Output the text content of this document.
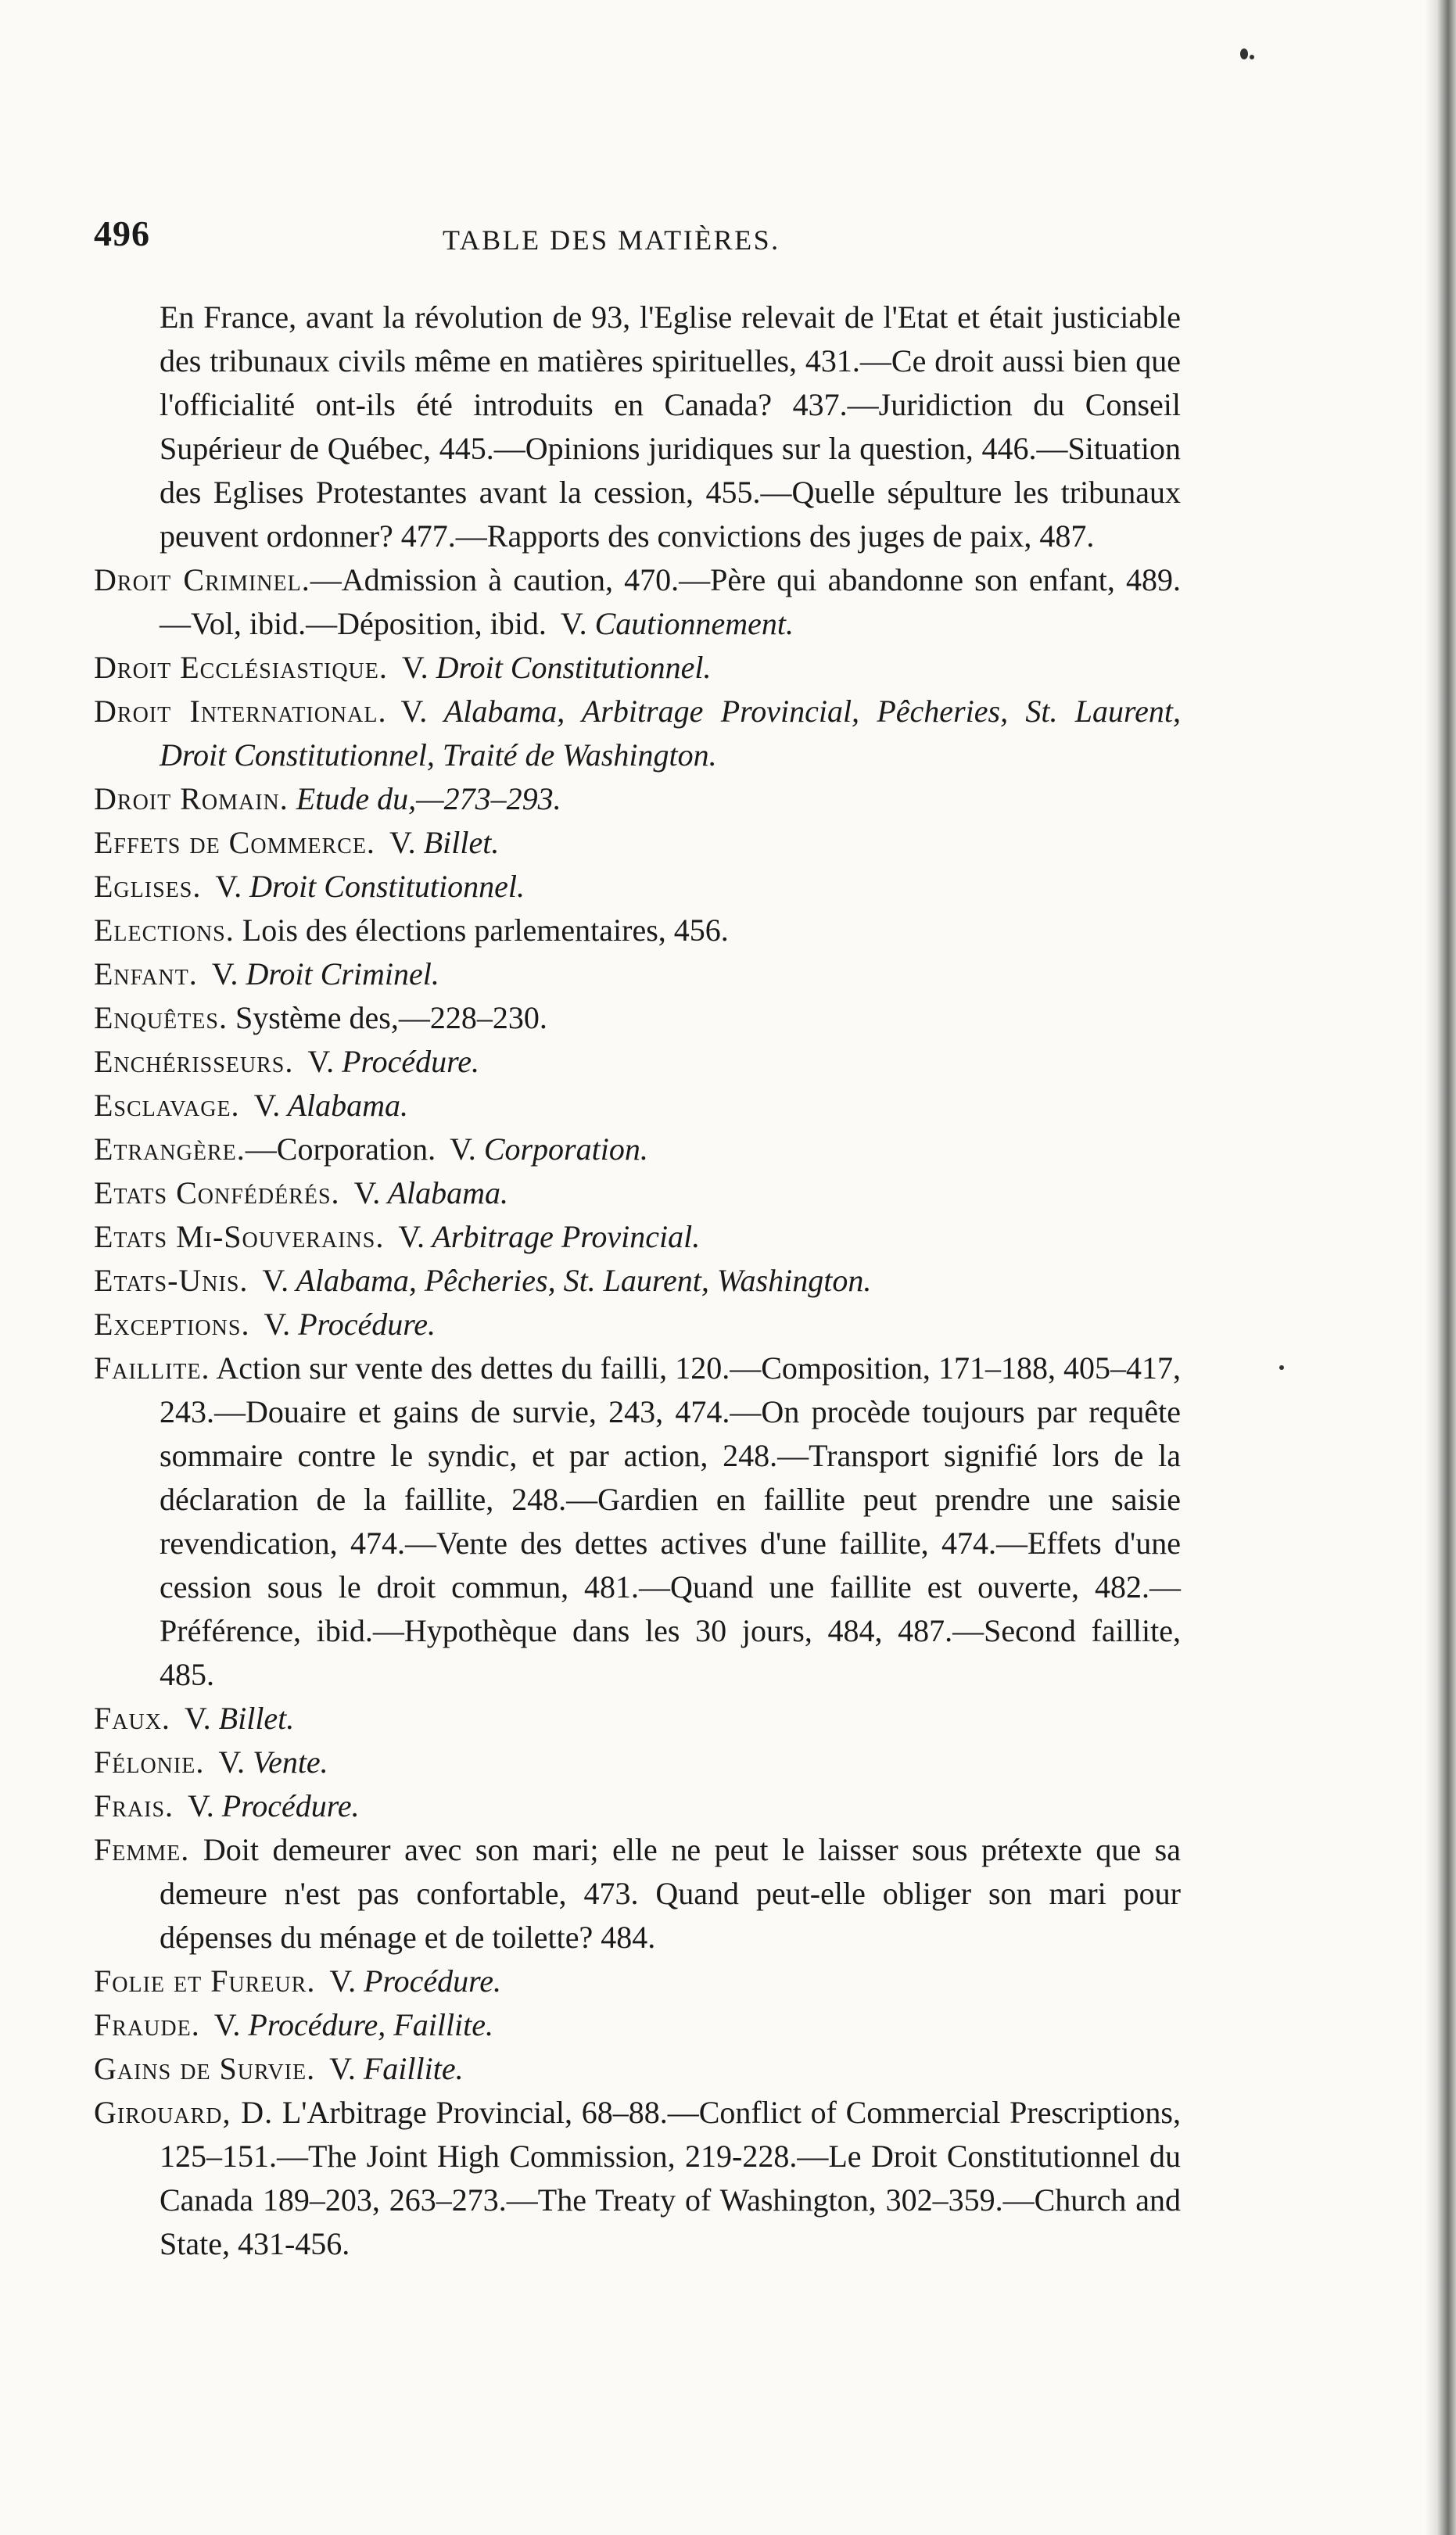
496	TABLE DES MATIÈRES.

En France, avant la révolution de 93, l'Eglise relevait de l'Etat et était justiciable des tribunaux civils même en matières spirituelles, 431.—Ce droit aussi bien que l'officialité ont-ils été introduits en Canada? 437.—Juridiction du Conseil Supérieur de Québec, 445.—Opinions juridiques sur la question, 446.—Situation des Eglises Protestantes avant la cession, 455.—Quelle sépulture les tribunaux peuvent ordonner? 477.—Rapports des convictions des juges de paix, 487.

Droit Criminel.—Admission à caution, 470.—Père qui abandonne son enfant, 489.—Vol, ibid.—Déposition, ibid. V. Cautionnement.

Droit Ecclésiastique. V. Droit Constitutionnel.

Droit International. V. Alabama, Arbitrage Provincial, Pêcheries, St. Laurent, Droit Constitutionnel, Traité de Washington.

Droit Romain. Etude du,—273–293.

Effets de Commerce. V. Billet.

Eglises. V. Droit Constitutionnel.

Elections. Lois des élections parlementaires, 456.

Enfant. V. Droit Criminel.

Enquêtes. Système des,—228–230.

Enchérisseurs. V. Procédure.

Esclavage. V. Alabama.

Etrangère.—Corporation. V. Corporation.

Etats Confédérés. V. Alabama.

Etats Mi-Souverains. V. Arbitrage Provincial.

Etats-Unis. V. Alabama, Pêcheries, St. Laurent, Washington.

Exceptions. V. Procédure.

Faillite. Action sur vente des dettes du failli, 120.—Composition, 171–188, 405–417, 243.—Douaire et gains de survie, 243, 474.—On procède toujours par requête sommaire contre le syndic, et par action, 248.—Transport signifié lors de la déclaration de la faillite, 248.—Gardien en faillite peut prendre une saisie revendication, 474.—Vente des dettes actives d'une faillite, 474.—Effets d'une cession sous le droit commun, 481.—Quand une faillite est ouverte, 482.—Préférence, ibid.—Hypothèque dans les 30 jours, 484, 487.—Second faillite, 485.

Faux. V. Billet.

Félonie. V. Vente.

Frais. V. Procédure.

Femme. Doit demeurer avec son mari; elle ne peut le laisser sous prétexte que sa demeure n'est pas confortable, 473. Quand peut-elle obliger son mari pour dépenses du ménage et de toilette? 484.

Folie et Fureur. V. Procédure.

Fraude. V. Procédure, Faillite.

Gains de Survie. V. Faillite.

Girouard, D. L'Arbitrage Provincial, 68–88.—Conflict of Commercial Prescriptions, 125–151.—The Joint High Commission, 219-228.—Le Droit Constitutionnel du Canada 189–203, 263–273.—The Treaty of Washington, 302–359.—Church and State, 431-456.
